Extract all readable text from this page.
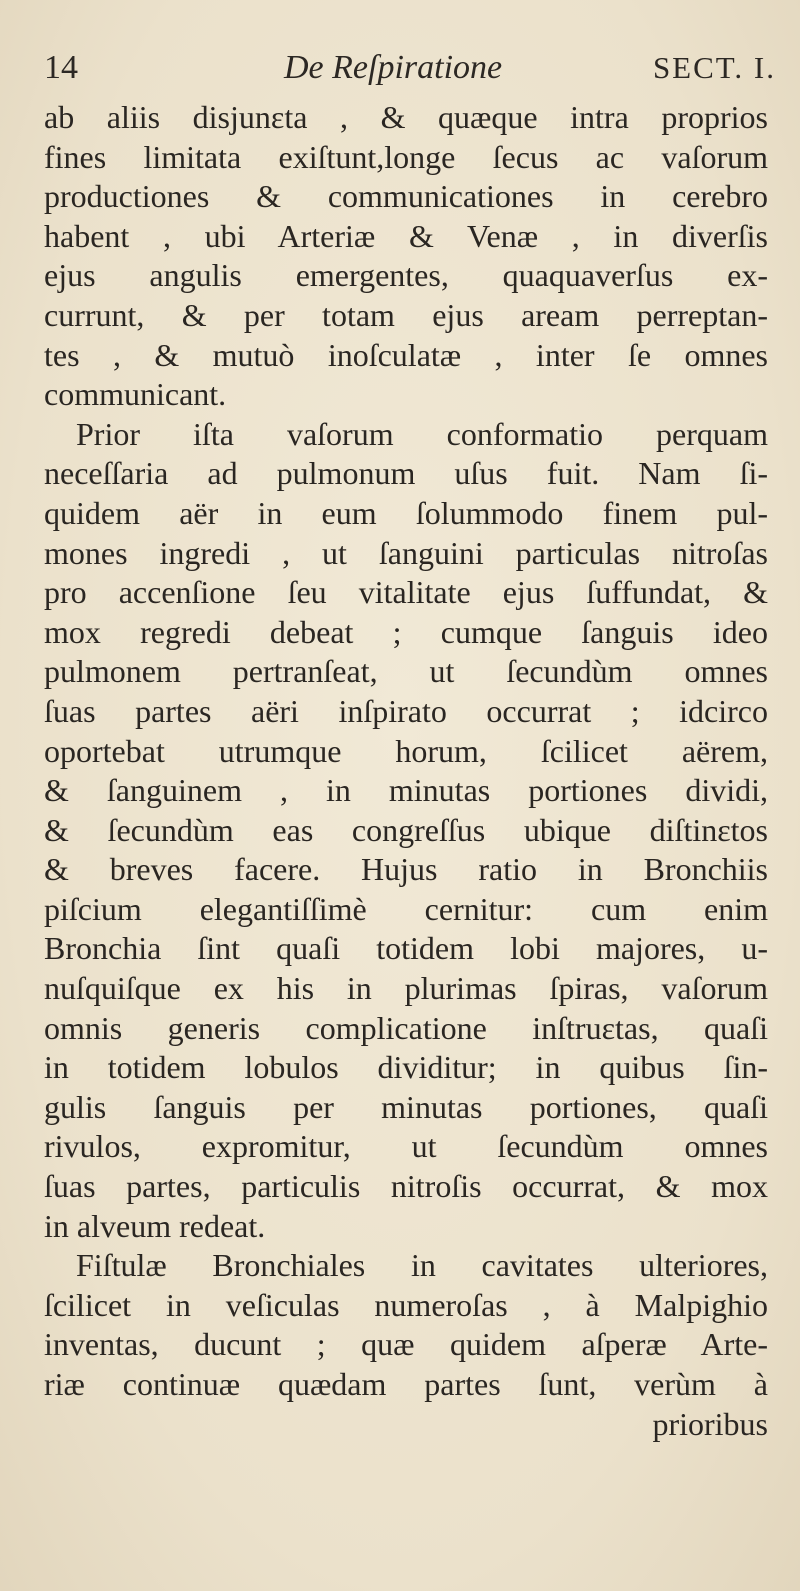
14	De Reſpiratione	SECT. I.
ab aliis disjunɛta , & quæque intra proprios
fines limitata exiſtunt,longe ſecus ac vaſorum
productiones & communicationes in cerebro
habent , ubi Arteriæ & Venæ , in diverſis
ejus angulis emergentes, quaquaverſus ex-
currunt, & per totam ejus aream perreptan-
tes , & mutuò inoſculatæ , inter ſe omnes
communicant.
Prior iſta vaſorum conformatio perquam
neceſſaria ad pulmonum uſus fuit. Nam ſi-
quidem aër in eum ſolummodo finem pul-
mones ingredi , ut ſanguini particulas nitroſas
pro accenſione ſeu vitalitate ejus ſuffundat, &
mox regredi debeat ; cumque ſanguis ideo
pulmonem pertranſeat, ut ſecundùm omnes
ſuas partes aëri inſpirato occurrat ; idcirco
oportebat utrumque horum, ſcilicet aërem,
& ſanguinem , in minutas portiones dividi,
& ſecundùm eas congreſſus ubique diſtinɛtos
& breves facere. Hujus ratio in Bronchiis
piſcium elegantiſſimè cernitur: cum enim
Bronchia ſint quaſi totidem lobi majores, u-
nuſquiſque ex his in plurimas ſpiras, vaſorum
omnis generis complicatione inſtruɛtas, quaſi
in totidem lobulos dividitur; in quibus ſin-
gulis ſanguis per minutas portiones, quaſi
rivulos, expromitur, ut ſecundùm omnes
ſuas partes, particulis nitroſis occurrat, & mox
in alveum redeat.
Fiſtulæ Bronchiales in cavitates ulteriores,
ſcilicet in veſiculas numeroſas , à Malpighio
inventas, ducunt ; quæ quidem aſperæ Arte-
riæ continuæ quædam partes ſunt, verùm à
prioribus
